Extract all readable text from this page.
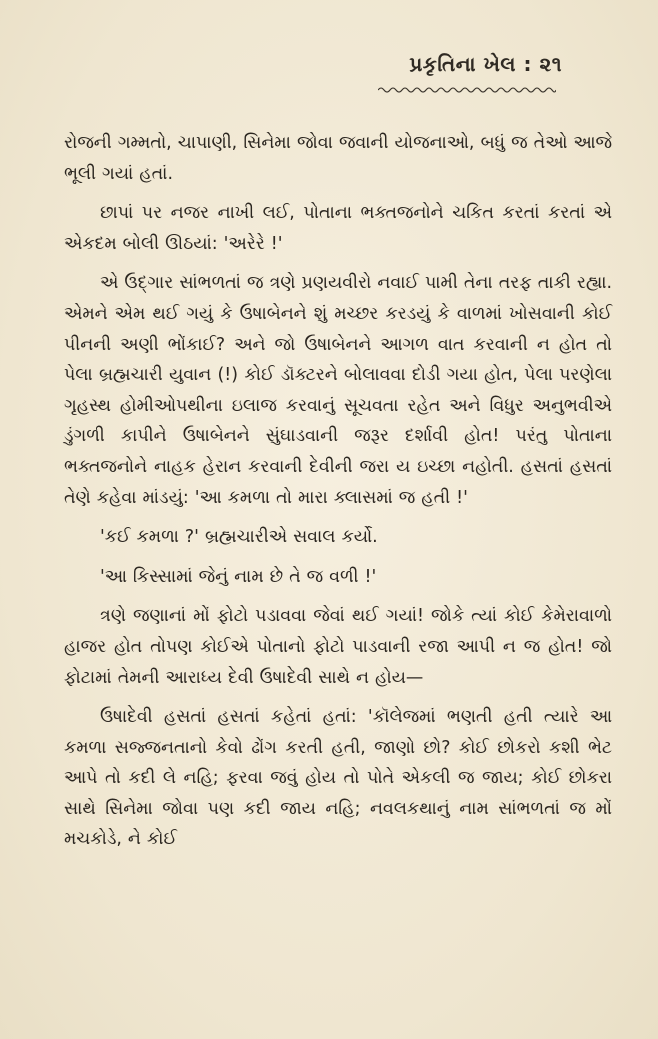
પ્રકૃતિના ખેલ : ૨૧

રોજની ગમ્મતો, ચાપાણી, સિનેમા જોવા જવાની યોજનાઓ, બધું જ તેઓ આજે ભૂલી ગયાં હતાં.

છાપાં પર નજર નાખી લઈ, પોતાના ભક્તજનોને ચકિત કરતાં કરતાં એ એકદમ બોલી ઊઠયાં: 'અરેરે !'

એ ઉદ્‌ગાર સાંભળતાં જ ત્રણે પ્રણયવીરો નવાઈ પામી તેના તરફ તાકી રહ્યા. એમને એમ થઈ ગયું કે ઉષાબેનને શું મચ્છર કરડયું કે વાળમાં ખોસવાની કોઈ પીનની અણી ભોંકાઈ? અને જો ઉષાબેનને આગળ વાત કરવાની ન હોત તો પેલા બ્રહ્મચારી યુવાન (!) કોઈ ડૉક્ટરને બોલાવવા દોડી ગયા હોત, પેલા પરણેલા ગૃહસ્થ હોમીઓપથીના ઇલાજ કરવાનું સૂચવતા રહેત અને વિધુર અનુભવીએ ડુંગળી કાપીને ઉષાબેનને સુંઘાડવાની જરૂર દર્શાવી હોત! પરંતુ પોતાના ભક્તજનોને નાહક હેરાન કરવાની દેવીની જરા ય ઇચ્છા નહોતી. હસતાં હસતાં તેણે કહેવા માંડયું: 'આ કમળા તો મારા ક્લાસમાં જ હતી !'

'કઈ કમળા ?' બ્રહ્મચારીએ સવાલ કર્યો.

'આ કિસ્સામાં જેનું નામ છે તે જ વળી !'

ત્રણે જણાનાં મોં ફોટો પડાવવા જેવાં થઈ ગયાં! જોકે ત્યાં કોઈ કેમેરાવાળો હાજર હોત તોપણ કોઈએ પોતાનો ફોટો પાડવાની રજા આપી ન જ હોત! જો ફોટામાં તેમની આરાધ્ય દેવી ઉષાદેવી સાથે ન હોય—

ઉષાદેવી હસતાં હસતાં કહેતાં હતાં: 'કૉલેજમાં ભણતી હતી ત્યારે આ કમળા સજ્જનતાનો કેવો ઢોંગ કરતી હતી, જાણો છો? કોઈ છોકરો કશી ભેટ આપે તો કદી લે નહિ; ફરવા જવું હોય તો પોતે એકલી જ જાય; કોઈ છોકરા સાથે સિનેમા જોવા પણ કદી જાય નહિ; નવલકથાનું નામ સાંભળતાં જ મોં મચકોડે, ને કોઈ
